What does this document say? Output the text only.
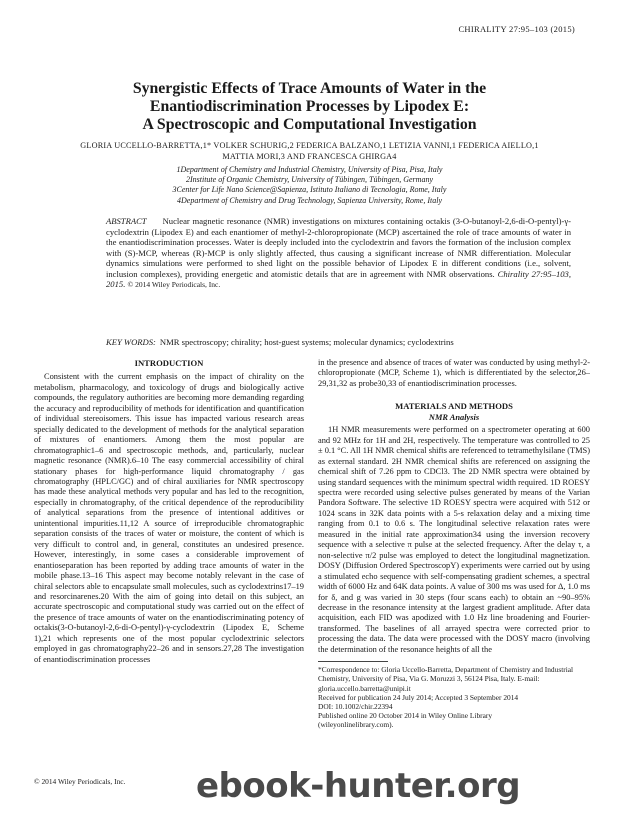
CHIRALITY 27:95–103 (2015)
Synergistic Effects of Trace Amounts of Water in the
Enantiodiscrimination Processes by Lipodex E:
A Spectroscopic and Computational Investigation
GLORIA UCCELLO-BARRETTA,1* VOLKER SCHURIG,2 FEDERICA BALZANO,1 LETIZIA VANNI,1 FEDERICA AIELLO,1
MATTIA MORI,3 AND FRANCESCA GHIRGA4
1Department of Chemistry and Industrial Chemistry, University of Pisa, Pisa, Italy
2Institute of Organic Chemistry, University of Tübingen, Tübingen, Germany
3Center for Life Nano Science@Sapienza, Istituto Italiano di Tecnologia, Rome, Italy
4Department of Chemistry and Drug Technology, Sapienza University, Rome, Italy
ABSTRACT Nuclear magnetic resonance (NMR) investigations on mixtures containing octakis (3-O-butanoyl-2,6-di-O-pentyl)-γ-cyclodextrin (Lipodex E) and each enantiomer of methyl-2-chloropropionate (MCP) ascertained the role of trace amounts of water in the enantiodiscrimination processes. Water is deeply included into the cyclodextrin and favors the formation of the inclusion complex with (S)-MCP, whereas (R)-MCP is only slightly affected, thus causing a significant increase of NMR differentiation. Molecular dynamics simulations were performed to shed light on the possible behavior of Lipodex E in different conditions (i.e., solvent, inclusion complexes), providing energetic and atomistic details that are in agreement with NMR observations. Chirality 27:95–103, 2015. © 2014 Wiley Periodicals, Inc.
KEY WORDS: NMR spectroscopy; chirality; host-guest systems; molecular dynamics; cyclodextrins
INTRODUCTION

Consistent with the current emphasis on the impact of chirality on the metabolism, pharmacology, and toxicology of drugs and biologically active compounds, the regulatory authorities are becoming more demanding regarding the accuracy and reproducibility of methods for identification and quantification of individual stereoisomers. This issue has impacted various research areas specially dedicated to the development of methods for the analytical separation of mixtures of enantiomers. Among them the most popular are chromatographic1–6 and spectroscopic methods, and, particularly, nuclear magnetic resonance (NMR).6–10 The easy commercial accessibility of chiral stationary phases for high-performance liquid chromatography / gas chromatography (HPLC/GC) and of chiral auxiliaries for NMR spectroscopy has made these analytical methods very popular and has led to the recognition, especially in chromatography, of the critical dependence of the reproducibility of analytical separations from the presence of intentional additives or unintentional impurities.11,12 A source of irreproducible chromatographic separation consists of the traces of water or moisture, the content of which is very difficult to control and, in general, constitutes an undesired presence. However, interestingly, in some cases a considerable improvement of enantioseparation has been reported by adding trace amounts of water in the mobile phase.13–16 This aspect may become notably relevant in the case of chiral selectors able to encapsulate small molecules, such as cyclodextrins17–19 and resorcinarenes.20 With the aim of going into detail on this subject, an accurate spectroscopic and computational study was carried out on the effect of the presence of trace amounts of water on the enantiodiscriminating potency of octakis(3-O-butanoyl-2,6-di-O-pentyl)-γ-cyclodextrin (Lipodex E, Scheme 1),21 which represents one of the most popular cyclodextrinic selectors employed in gas chromatography22–26 and in sensors.27,28 The investigation of enantiodiscrimination processes

in the presence and absence of traces of water was conducted by using methyl-2-chloropropionate (MCP, Scheme 1), which is differentiated by the selector,26–29,31,32 as probe30,33 of enantiodiscrimination processes.

MATERIALS AND METHODS
NMR Analysis

1H NMR measurements were performed on a spectrometer operating at 600 and 92 MHz for 1H and 2H, respectively. The temperature was controlled to 25 ± 0.1 °C. All 1H NMR chemical shifts are referenced to tetramethylsilane (TMS) as external standard. 2H NMR chemical shifts are referenced on assigning the chemical shift of 7.26 ppm to CDCl3. The 2D NMR spectra were obtained by using standard sequences with the minimum spectral width required. 1D ROESY spectra were recorded using selective pulses generated by means of the Varian Pandora Software. The selective 1D ROESY spectra were acquired with 512 or 1024 scans in 32K data points with a 5-s relaxation delay and a mixing time ranging from 0.1 to 0.6 s. The longitudinal selective relaxation rates were measured in the initial rate approximation34 using the inversion recovery sequence with a selective π pulse at the selected frequency. After the delay τ, a non-selective π/2 pulse was employed to detect the longitudinal magnetization. DOSY (Diffusion Ordered SpectroscopY) experiments were carried out by using a stimulated echo sequence with self-compensating gradient schemes, a spectral width of 6000 Hz and 64K data points. A value of 300 ms was used for Δ, 1.0 ms for δ, and g was varied in 30 steps (four scans each) to obtain an ~90–95% decrease in the resonance intensity at the largest gradient amplitude. After data acquisition, each FID was apodized with 1.0 Hz line broadening and Fourier-transformed. The baselines of all arrayed spectra were corrected prior to processing the data. The data were processed with the DOSY macro (involving the determination of the resonance heights of all the

*Correspondence to: Gloria Uccello-Barretta, Department of Chemistry and Industrial Chemistry, University of Pisa, Via G. Moruzzi 3, 56124 Pisa, Italy. E-mail: gloria.uccello.barretta@unipi.it
Received for publication 24 July 2014; Accepted 3 September 2014
DOI: 10.1002/chir.22394
Published online 20 October 2014 in Wiley Online Library
(wileyonlinelibrary.com).
© 2014 Wiley Periodicals, Inc. ebook-hunter.org
